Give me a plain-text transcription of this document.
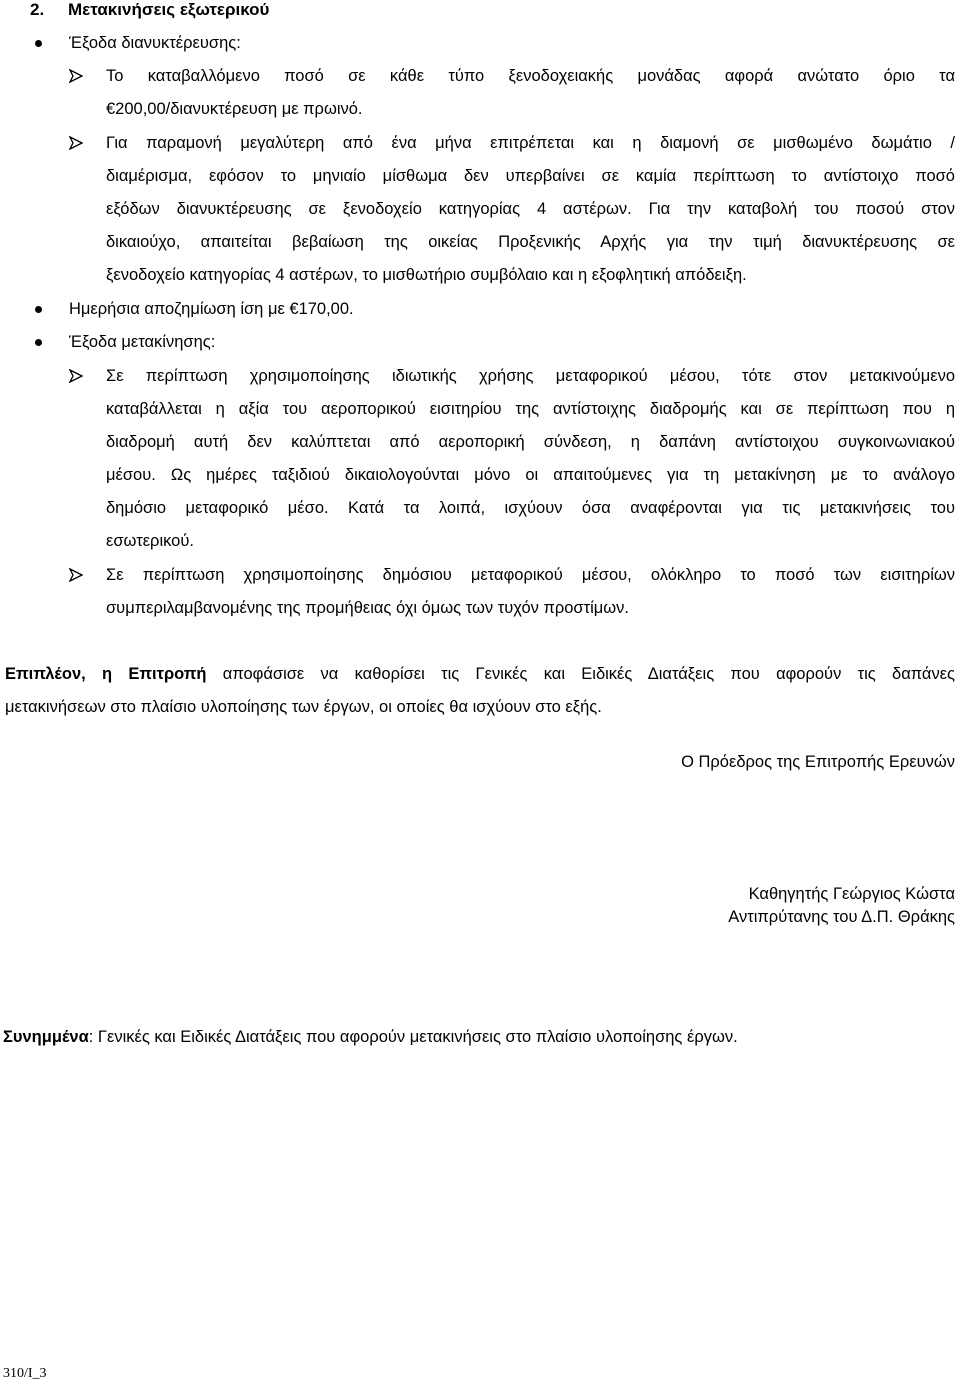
2. Μετακινήσεις εξωτερικού
Έξοδα διανυκτέρευσης:
Το καταβαλλόμενο ποσό σε κάθε τύπο ξενοδοχειακής μονάδας αφορά ανώτατο όριο τα
€200,00/διανυκτέρευση με πρωινό.
Για παραμονή μεγαλύτερη από ένα μήνα επιτρέπεται και η διαμονή σε μισθωμένο δωμάτιο /
διαμέρισμα, εφόσον το μηνιαίο μίσθωμα δεν υπερβαίνει σε καμία περίπτωση το αντίστοιχο ποσό
εξόδων διανυκτέρευσης σε ξενοδοχείο κατηγορίας 4 αστέρων. Για την καταβολή του ποσού στον
δικαιούχο, απαιτείται βεβαίωση της οικείας Προξενικής Αρχής για την τιμή διανυκτέρευσης σε
ξενοδοχείο κατηγορίας 4 αστέρων, το μισθωτήριο συμβόλαιο και η εξοφλητική απόδειξη.
Ημερήσια αποζημίωση ίση με €170,00.
Έξοδα μετακίνησης:
Σε περίπτωση χρησιμοποίησης ιδιωτικής χρήσης μεταφορικού μέσου, τότε στον μετακινούμενο
καταβάλλεται η αξία του αεροπορικού εισιτηρίου της αντίστοιχης διαδρομής και σε περίπτωση που η
διαδρομή αυτή δεν καλύπτεται από αεροπορική σύνδεση, η δαπάνη αντίστοιχου συγκοινωνιακού
μέσου. Ως ημέρες ταξιδιού δικαιολογούνται μόνο οι απαιτούμενες για τη μετακίνηση με το ανάλογο
δημόσιο μεταφορικό μέσο. Κατά τα λοιπά, ισχύουν όσα αναφέρονται για τις μετακινήσεις του
εσωτερικού.
Σε περίπτωση χρησιμοποίησης δημόσιου μεταφορικού μέσου, ολόκληρο το ποσό των εισιτηρίων
συμπεριλαμβανομένης της προμήθειας όχι όμως των τυχόν προστίμων.
Επιπλέον, η Επιτροπή αποφάσισε να καθορίσει τις Γενικές και Ειδικές Διατάξεις που αφορούν τις δαπάνες
μετακινήσεων στο πλαίσιο υλοποίησης των έργων, οι οποίες θα ισχύουν στο εξής.
Ο Πρόεδρος της Επιτροπής Ερευνών
Καθηγητής Γεώργιος Κώστα
Αντιπρύτανης του Δ.Π. Θράκης
Συνημμένα: Γενικές και Ειδικές Διατάξεις που αφορούν μετακινήσεις στο πλαίσιο υλοποίησης έργων.
310/Ι_3
